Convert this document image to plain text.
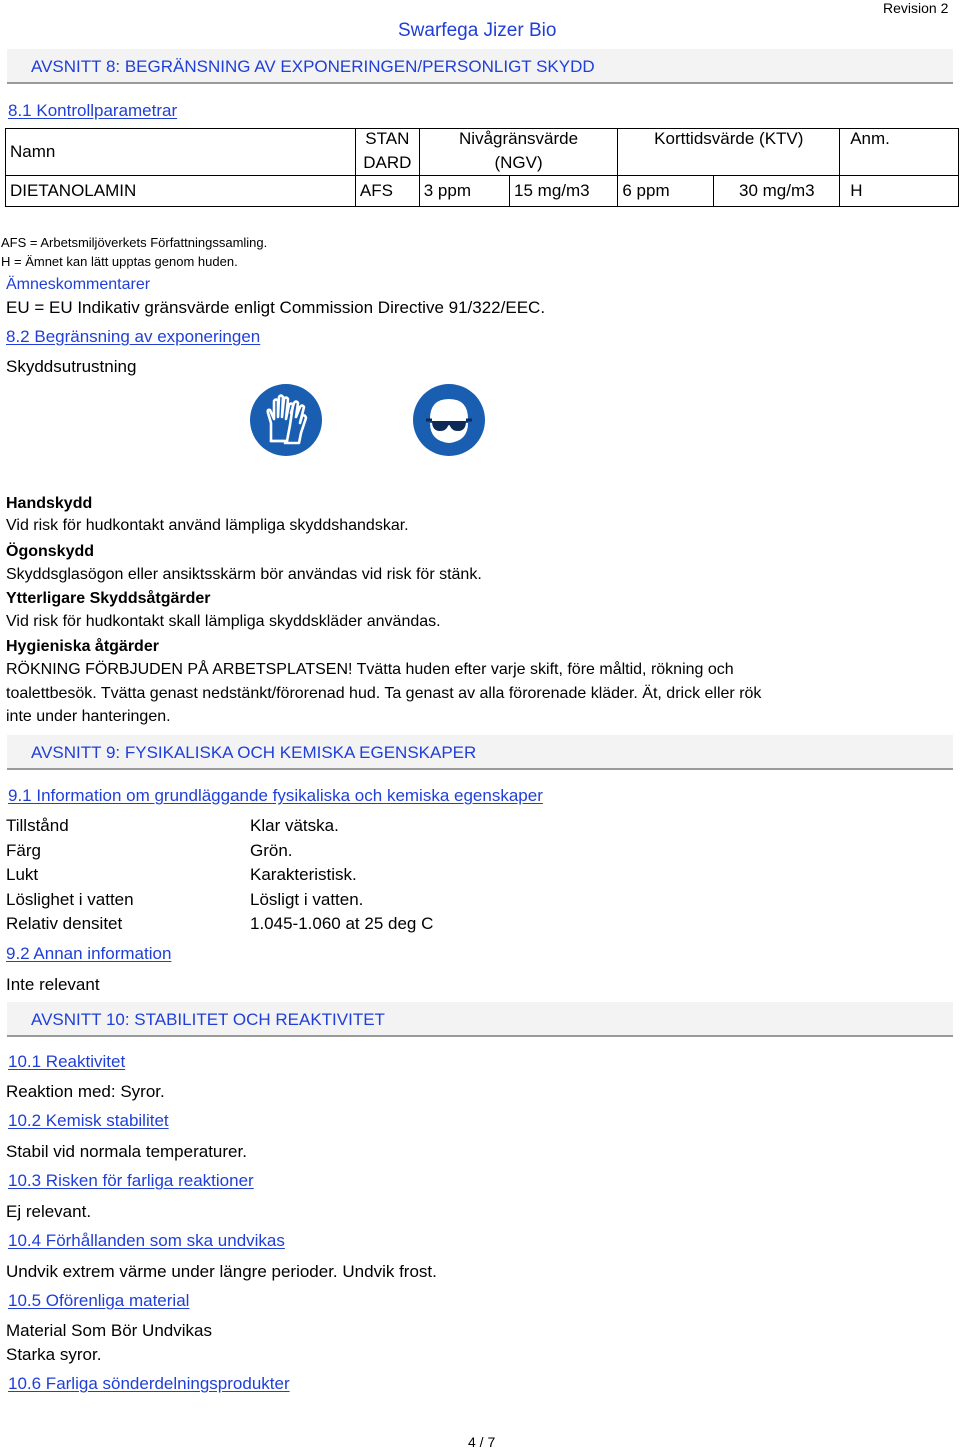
Swarfega Jizer Bio
Revision 2
AVSNITT 8: BEGRÄNSNING AV EXPONERINGEN/PERSONLIGT SKYDD
8.1 Kontrollparametrar
Namn	STAN	Nivågränsvärde		Korttidsvärde (KTV)		Anm.
	DARD	(NGV)				
DIETANOLAMIN	AFS	3 ppm	15 mg/m3	6 ppm	30 mg/m3	H
AFS = Arbetsmiljöverkets Författningssamling.
H = Ämnet kan lätt upptas genom huden.
Ämneskommentarer
EU = EU Indikativ gränsvärde enligt Commission Directive 91/322/EEC.
8.2 Begränsning av exponeringen
Skyddsutrustning
Handskydd
Vid risk för hudkontakt använd lämpliga skyddshandskar.
Ögonskydd
Skyddsglasögon eller ansiktsskärm bör användas vid risk för stänk.
Ytterligare Skyddsåtgärder
Vid risk för hudkontakt skall lämpliga skyddskläder användas.
Hygieniska åtgärder
RÖKNING FÖRBJUDEN PÅ ARBETSPLATSEN! Tvätta huden efter varje skift, före måltid, rökning och
toalettbesök. Tvätta genast nedstänkt/förorenad hud. Ta genast av alla förorenade kläder. Ät, drick eller rök
inte under hanteringen.
AVSNITT 9: FYSIKALISKA OCH KEMISKA EGENSKAPER
9.1 Information om grundläggande fysikaliska och kemiska egenskaper
Tillstånd	Klar vätska.
Färg	Grön.
Lukt	Karakteristisk.
Löslighet i vatten	Lösligt i vatten.
Relativ densitet	1.045-1.060 at 25 deg C
9.2 Annan information
Inte relevant
AVSNITT 10: STABILITET OCH REAKTIVITET
10.1 Reaktivitet
Reaktion med: Syror.
10.2 Kemisk stabilitet
Stabil vid normala temperaturer.
10.3 Risken för farliga reaktioner
Ej relevant.
10.4 Förhållanden som ska undvikas
Undvik extrem värme under längre perioder. Undvik frost.
10.5 Oförenliga material
Material Som Bör Undvikas
Starka syror.
10.6 Farliga sönderdelningsprodukter
4 / 7
